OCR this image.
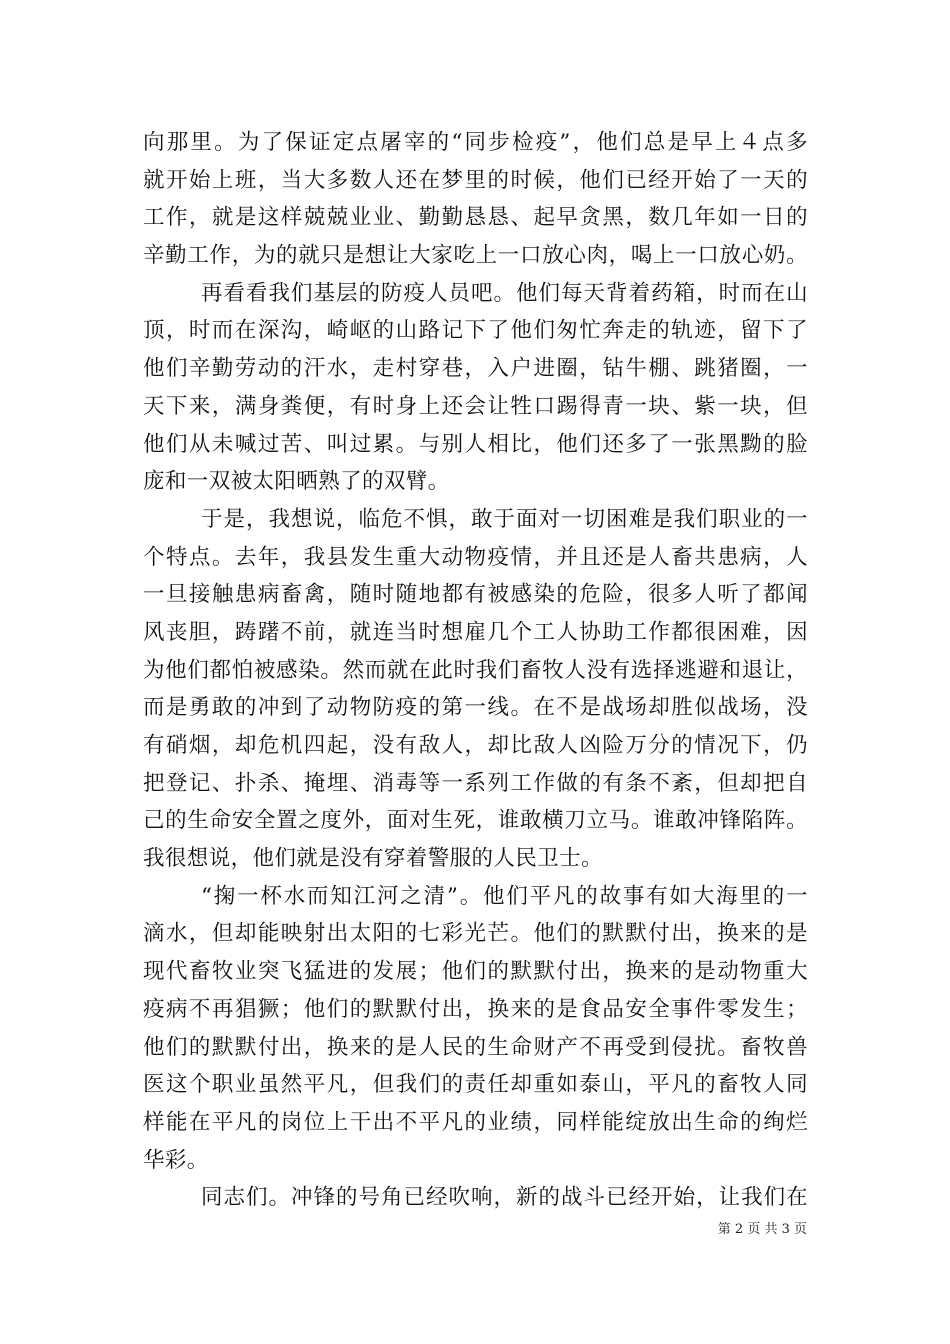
向那里。为了保证定点屠宰的“同步检疫”，他们总是早上４点多
就开始上班，当大多数人还在梦里的时候，他们已经开始了一天的
工作，就是这样兢兢业业、勤勤恳恳、起早贪黑，数几年如一日的
辛勤工作，为的就只是想让大家吃上一口放心肉，喝上一口放心奶。
再看看我们基层的防疫人员吧。他们每天背着药箱，时而在山
顶，时而在深沟，崎岖的山路记下了他们匆忙奔走的轨迹，留下了
他们辛勤劳动的汗水，走村穿巷，入户进圈，钻牛棚、跳猪圈，一
天下来，满身粪便，有时身上还会让牲口踢得青一块、紫一块，但
他们从未喊过苦、叫过累。与别人相比，他们还多了一张黑黝的脸
庞和一双被太阳晒熟了的双臂。
于是，我想说，临危不惧，敢于面对一切困难是我们职业的一
个特点。去年，我县发生重大动物疫情，并且还是人畜共患病，人
一旦接触患病畜禽，随时随地都有被感染的危险，很多人听了都闻
风丧胆，踌躇不前，就连当时想雇几个工人协助工作都很困难，因
为他们都怕被感染。然而就在此时我们畜牧人没有选择逃避和退让，
而是勇敢的冲到了动物防疫的第一线。在不是战场却胜似战场，没
有硝烟，却危机四起，没有敌人，却比敌人凶险万分的情况下，仍
把登记、扑杀、掩埋、消毒等一系列工作做的有条不紊，但却把自
己的生命安全置之度外，面对生死，谁敢横刀立马。谁敢冲锋陷阵。
我很想说，他们就是没有穿着警服的人民卫士。
“掬一杯水而知江河之清”。他们平凡的故事有如大海里的一
滴水，但却能映射出太阳的七彩光芒。他们的默默付出，换来的是
现代畜牧业突飞猛进的发展；他们的默默付出，换来的是动物重大
疫病不再猖獗；他们的默默付出，换来的是食品安全事件零发生；
他们的默默付出，换来的是人民的生命财产不再受到侵扰。畜牧兽
医这个职业虽然平凡，但我们的责任却重如泰山，平凡的畜牧人同
样能在平凡的岗位上干出不平凡的业绩，同样能绽放出生命的绚烂
华彩。
同志们。冲锋的号角已经吹响，新的战斗已经开始，让我们在
第 2 页 共 3 页
